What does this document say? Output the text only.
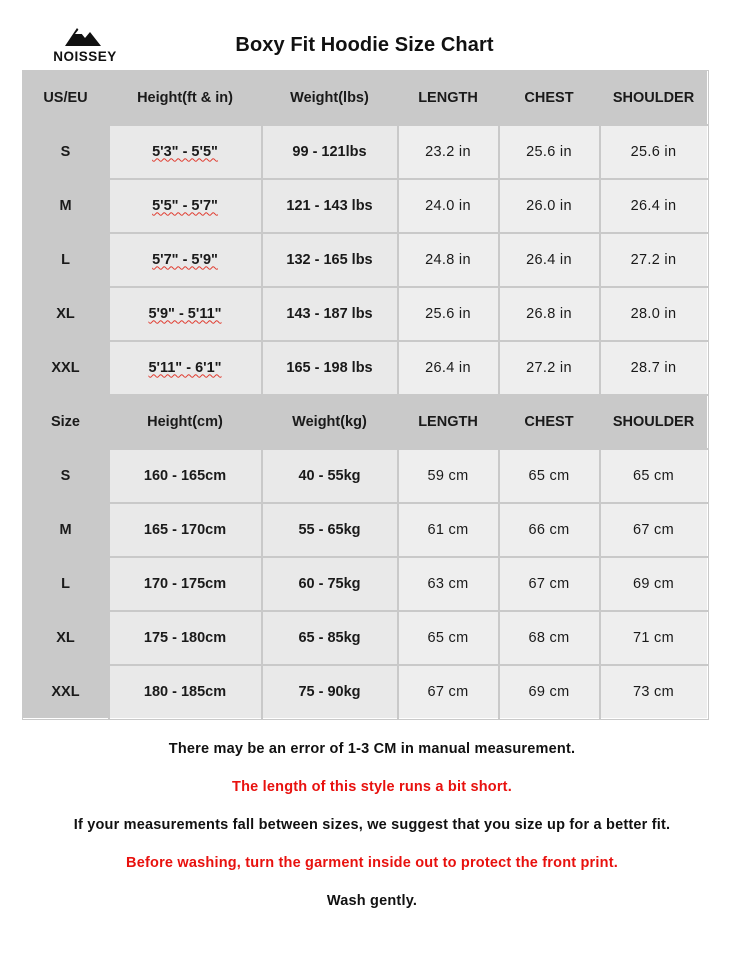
NOISSEY
Boxy Fit Hoodie Size Chart
US/EU	Height(ft & in)	Weight(lbs)	LENGTH	CHEST	SHOULDER
S	5'3" - 5'5"	99 - 121lbs	23.2 in	25.6 in	25.6 in
M	5'5" - 5'7"	121 - 143 lbs	24.0 in	26.0 in	26.4 in
L	5'7" - 5'9"	132 - 165 lbs	24.8 in	26.4 in	27.2 in
XL	5'9" - 5'11"	143 - 187 lbs	25.6 in	26.8 in	28.0 in
XXL	5'11" - 6'1"	165 - 198 lbs	26.4 in	27.2 in	28.7 in
Size	Height(cm)	Weight(kg)	LENGTH	CHEST	SHOULDER
S	160 - 165cm	40 - 55kg	59 cm	65 cm	65 cm
M	165 - 170cm	55 - 65kg	61 cm	66 cm	67 cm
L	170 - 175cm	60 - 75kg	63 cm	67 cm	69 cm
XL	175 - 180cm	65 - 85kg	65 cm	68 cm	71 cm
XXL	180 - 185cm	75 - 90kg	67 cm	69 cm	73 cm

There may be an error of 1-3 CM in manual measurement.

The length of this style runs a bit short.

If your measurements fall between sizes, we suggest that you size up for a better fit.

Before washing, turn the garment inside out to protect the front print.

Wash gently.
